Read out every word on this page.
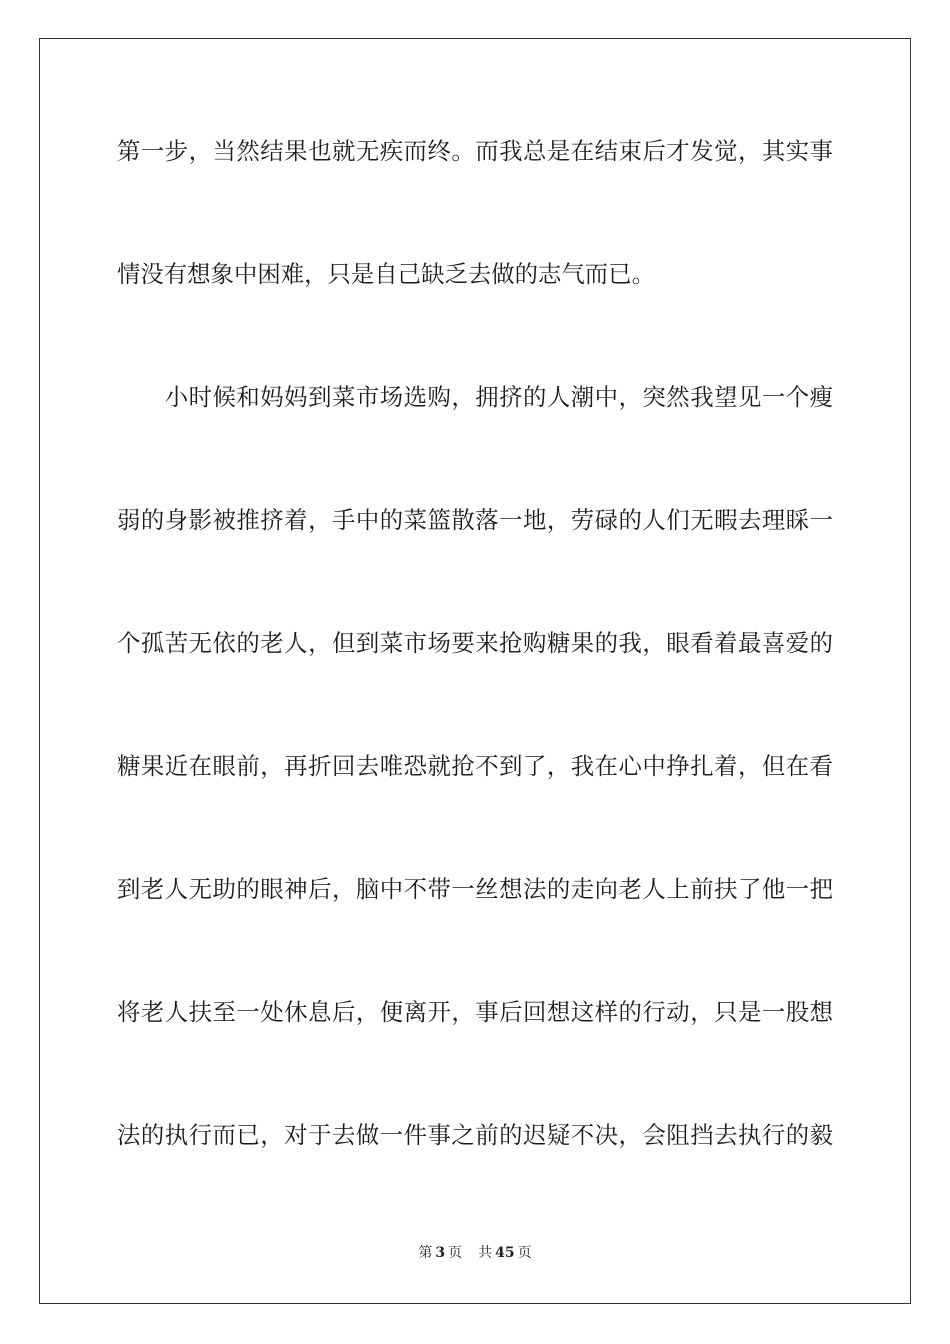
第一步，当然结果也就无疾而终。而我总是在结束后才发觉，其实事
情没有想象中困难，只是自己缺乏去做的志气而已。
　　小时候和妈妈到菜市场选购，拥挤的人潮中，突然我望见一个瘦
弱的身影被推挤着，手中的菜篮散落一地，劳碌的人们无暇去理睬一
个孤苦无依的老人，但到菜市场要来抢购糖果的我，眼看着最喜爱的
糖果近在眼前，再折回去唯恐就抢不到了，我在心中挣扎着，但在看
到老人无助的眼神后，脑中不带一丝想法的走向老人上前扶了他一把
将老人扶至一处休息后，便离开，事后回想这样的行动，只是一股想
法的执行而已，对于去做一件事之前的迟疑不决，会阻挡去执行的毅
第 3 页 共 45 页
